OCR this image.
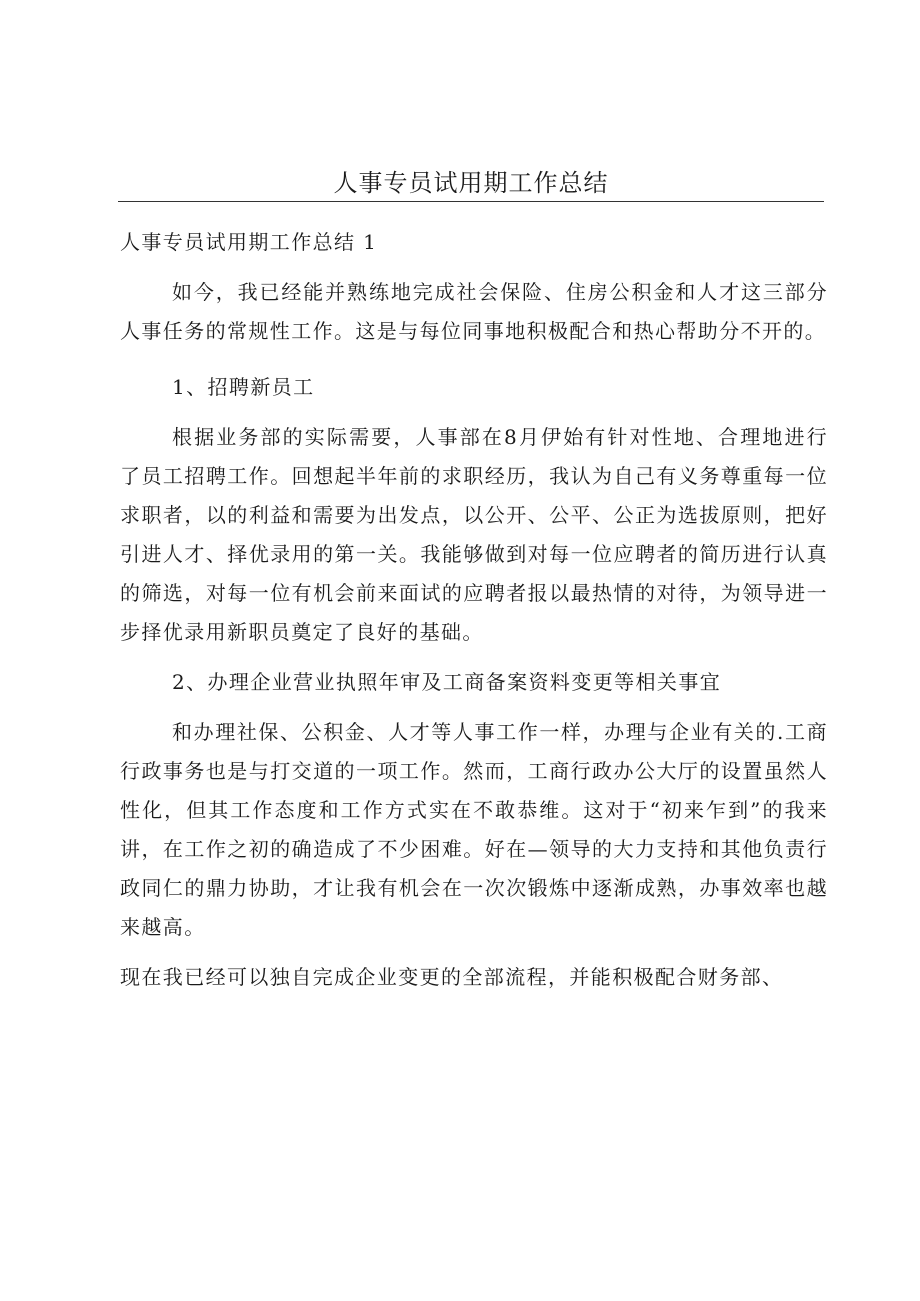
人事专员试用期工作总结

人事专员试用期工作总结 1

如今，我已经能并熟练地完成社会保险、住房公积金和人才这三部分人事任务的常规性工作。这是与每位同事地积极配合和热心帮助分不开的。

1、招聘新员工

根据业务部的实际需要，人事部在8月伊始有针对性地、合理地进行了员工招聘工作。回想起半年前的求职经历，我认为自己有义务尊重每一位求职者，以的利益和需要为出发点，以公开、公平、公正为选拔原则，把好引进人才、择优录用的第一关。我能够做到对每一位应聘者的简历进行认真的筛选，对每一位有机会前来面试的应聘者报以最热情的对待，为领导进一步择优录用新职员奠定了良好的基础。

2、办理企业营业执照年审及工商备案资料变更等相关事宜

和办理社保、公积金、人才等人事工作一样，办理与企业有关的.工商行政事务也是与打交道的一项工作。然而，工商行政办公大厅的设置虽然人性化，但其工作态度和工作方式实在不敢恭维。这对于“初来乍到”的我来讲，在工作之初的确造成了不少困难。好在—领导的大力支持和其他负责行政同仁的鼎力协助，才让我有机会在一次次锻炼中逐渐成熟，办事效率也越来越高。

现在我已经可以独自完成企业变更的全部流程，并能积极配合财务部、
